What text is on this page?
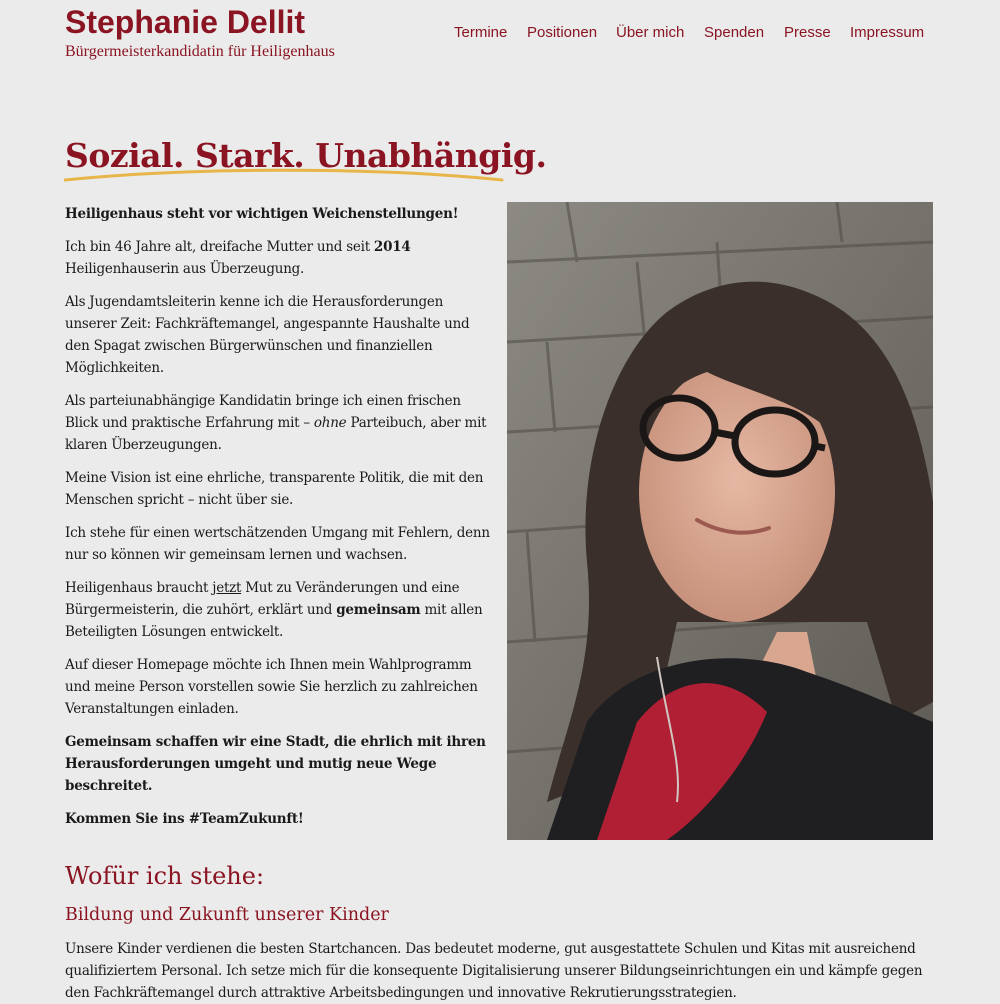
Stephanie Dellit
Bürgermeisterkandidatin für Heiligenhaus
Termine Positionen Über mich Spenden Presse Impressum
Sozial. Stark. Unabhängig.

Heiligenhaus steht vor wichtigen Weichenstellungen!

Ich bin 46 Jahre alt, dreifache Mutter und seit 2014 Heiligenhauserin aus Überzeugung.

Als Jugendamtsleiterin kenne ich die Herausforderungen unserer Zeit: Fachkräftemangel, angespannte Haushalte und den Spagat zwischen Bürgerwünschen und finanziellen Möglichkeiten.

Als parteiunabhängige Kandidatin bringe ich einen frischen Blick und praktische Erfahrung mit – ohne Parteibuch, aber mit klaren Überzeugungen.

Meine Vision ist eine ehrliche, transparente Politik, die mit den Menschen spricht – nicht über sie.

Ich stehe für einen wertschätzenden Umgang mit Fehlern, denn nur so können wir gemeinsam lernen und wachsen.

Heiligenhaus braucht jetzt Mut zu Veränderungen und eine Bürgermeisterin, die zuhört, erklärt und gemeinsam mit allen Beteiligten Lösungen entwickelt.

Auf dieser Homepage möchte ich Ihnen mein Wahlprogramm und meine Person vorstellen sowie Sie herzlich zu zahlreichen Veranstaltungen einladen.

Gemeinsam schaffen wir eine Stadt, die ehrlich mit ihren Herausforderungen umgeht und mutig neue Wege beschreitet.

Kommen Sie ins #TeamZukunft!

Wofür ich stehe:
Bildung und Zukunft unserer Kinder

Unsere Kinder verdienen die besten Startchancen. Das bedeutet moderne, gut ausgestattete Schulen und Kitas mit ausreichend qualifiziertem Personal. Ich setze mich für die konsequente Digitalisierung unserer Bildungseinrichtungen ein und kämpfe gegen den Fachkräftemangel durch attraktive Arbeitsbedingungen und innovative Rekrutierungsstrategien.
